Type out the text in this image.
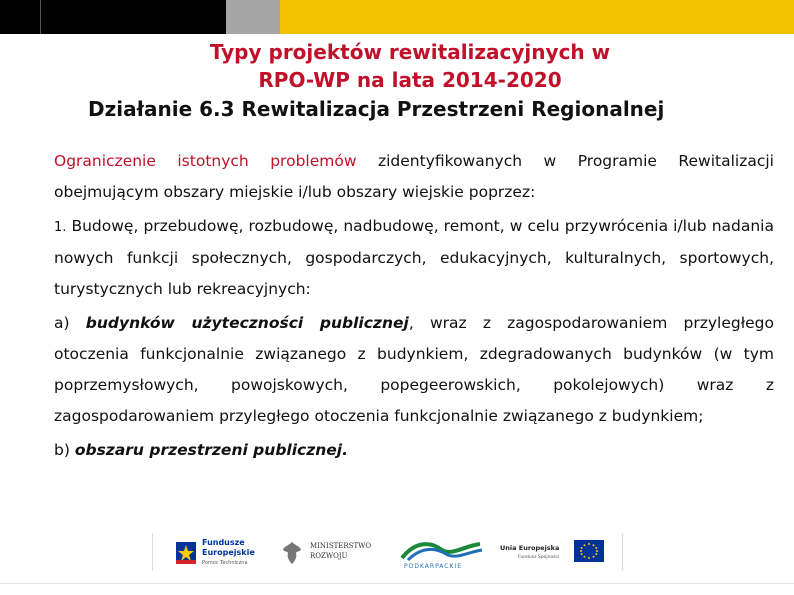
Typy projektów rewitalizacyjnych w
RPO-WP na lata 2014-2020
Działanie 6.3 Rewitalizacja Przestrzeni Regionalnej
Ograniczenie istotnych problemów zidentyfikowanych w Programie Rewitalizacji obejmującym obszary miejskie i/lub obszary wiejskie poprzez:
1. Budowę, przebudowę, rozbudowę, nadbudowę, remont, w celu przywrócenia i/lub nadania nowych funkcji społecznych, gospodarczych, edukacyjnych, kulturalnych, sportowych, turystycznych lub rekreacyjnych:
a) budynków użyteczności publicznej, wraz z zagospodarowaniem przyległego otoczenia funkcjonalnie związanego z budynkiem, zdegradowanych budynków (w tym poprzemysłowych, powojskowych, popegeerowskich, pokolejowych) wraz z zagospodarowaniem przyległego otoczenia funkcjonalnie związanego z budynkiem;
b) obszaru przestrzeni publicznej.
Fundusze
Europejskie
Pomoc Techniczna
MINISTERSTWO
ROZWOJU
PODKARPACKIE
Unia Europejska
Fundusz Spójności
